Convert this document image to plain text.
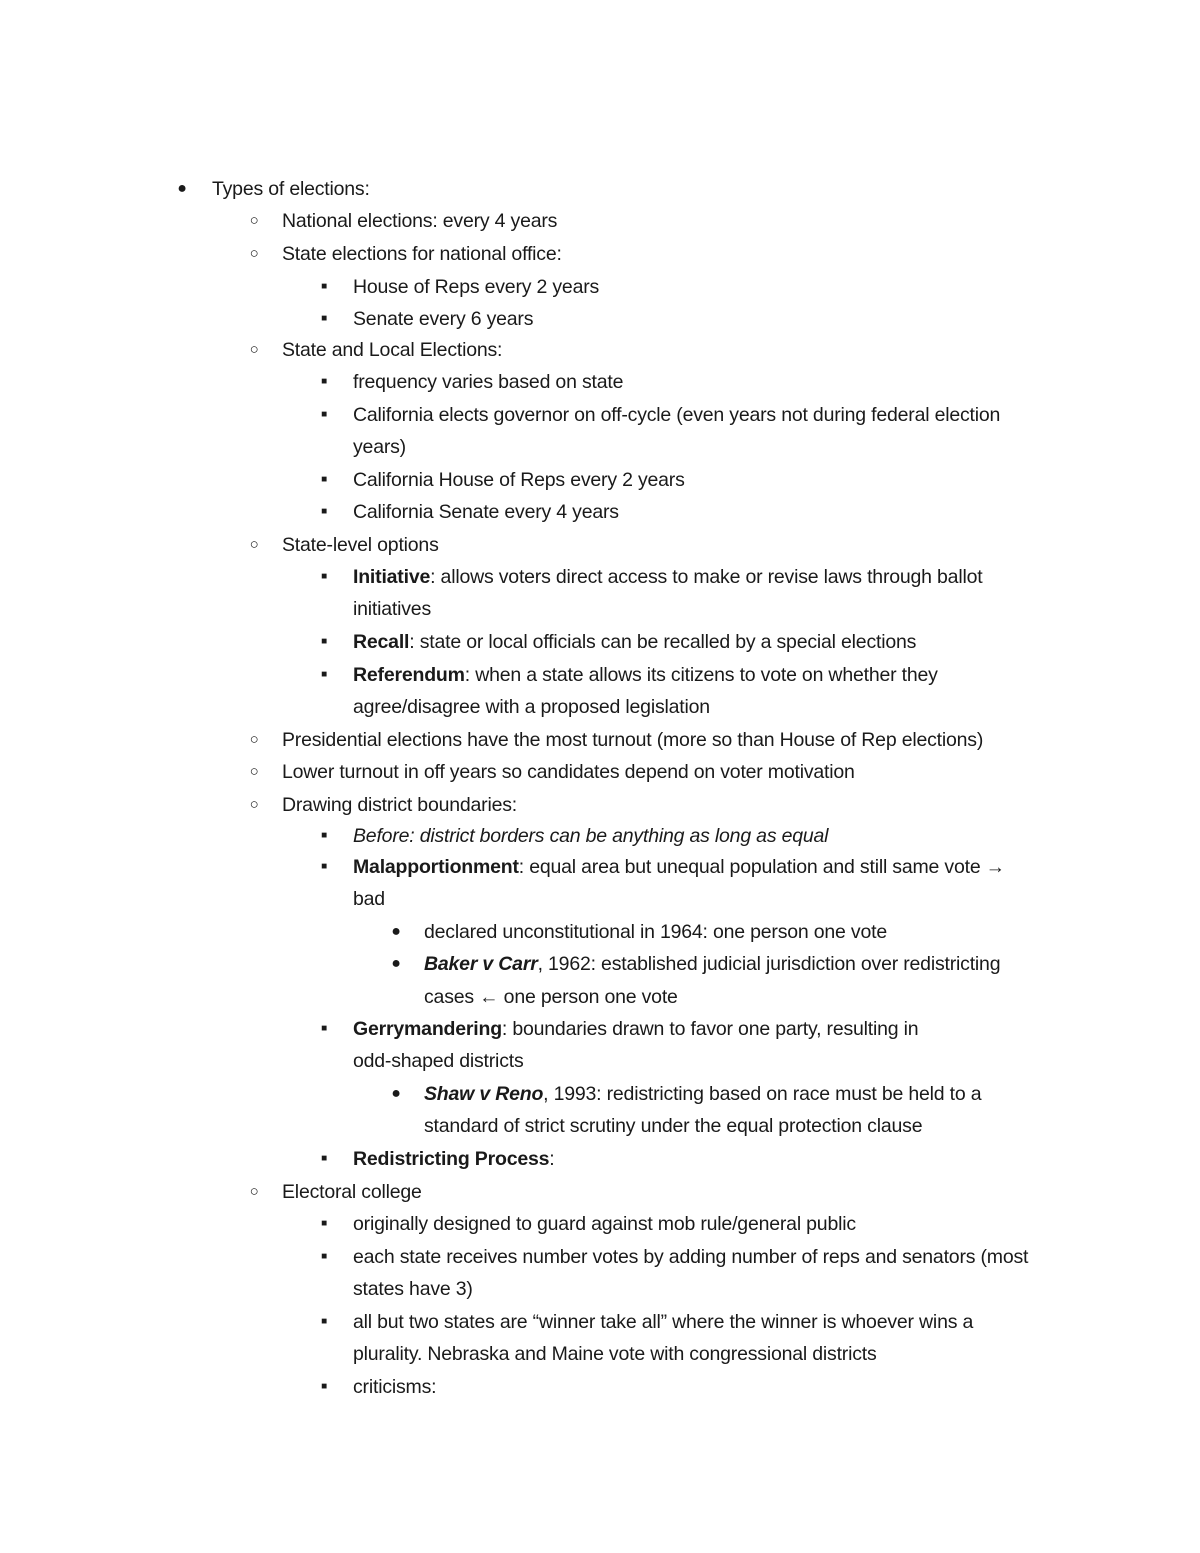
● Types of elections:
○ National elections: every 4 years
○ State elections for national office:
■	House of Reps every 2 years
■	Senate every 6 years
○ State and Local Elections:
■	frequency varies based on state
■	California elects governor on off-cycle (even years not during federal election
years)
■	California House of Reps every 2 years
■	California Senate every 4 years
○ State-level options
■	Initiative: allows voters direct access to make or revise laws through ballot
initiatives
■	Recall: state or local officials can be recalled by a special elections
■	Referendum: when a state allows its citizens to vote on whether they
agree/disagree with a proposed legislation
○ Presidential elections have the most turnout (more so than House of Rep elections)
○ Lower turnout in off years so candidates depend on voter motivation
○ Drawing district boundaries:
■	Before: district borders can be anything as long as equal
■	Malapportionment: equal area but unequal population and still same vote →
bad
● declared unconstitutional in 1964: one person one vote
● Baker v Carr, 1962: established judicial jurisdiction over redistricting
cases ← one person one vote
■	Gerrymandering: boundaries drawn to favor one party, resulting in
odd-shaped districts
● Shaw v Reno, 1993: redistricting based on race must be held to a
standard of strict scrutiny under the equal protection clause
■	Redistricting Process:
○ Electoral college
■	originally designed to guard against mob rule/general public
■	each state receives number votes by adding number of reps and senators (most
states have 3)
■	all but two states are “winner take all” where the winner is whoever wins a
plurality. Nebraska and Maine vote with congressional districts
■	criticisms:
